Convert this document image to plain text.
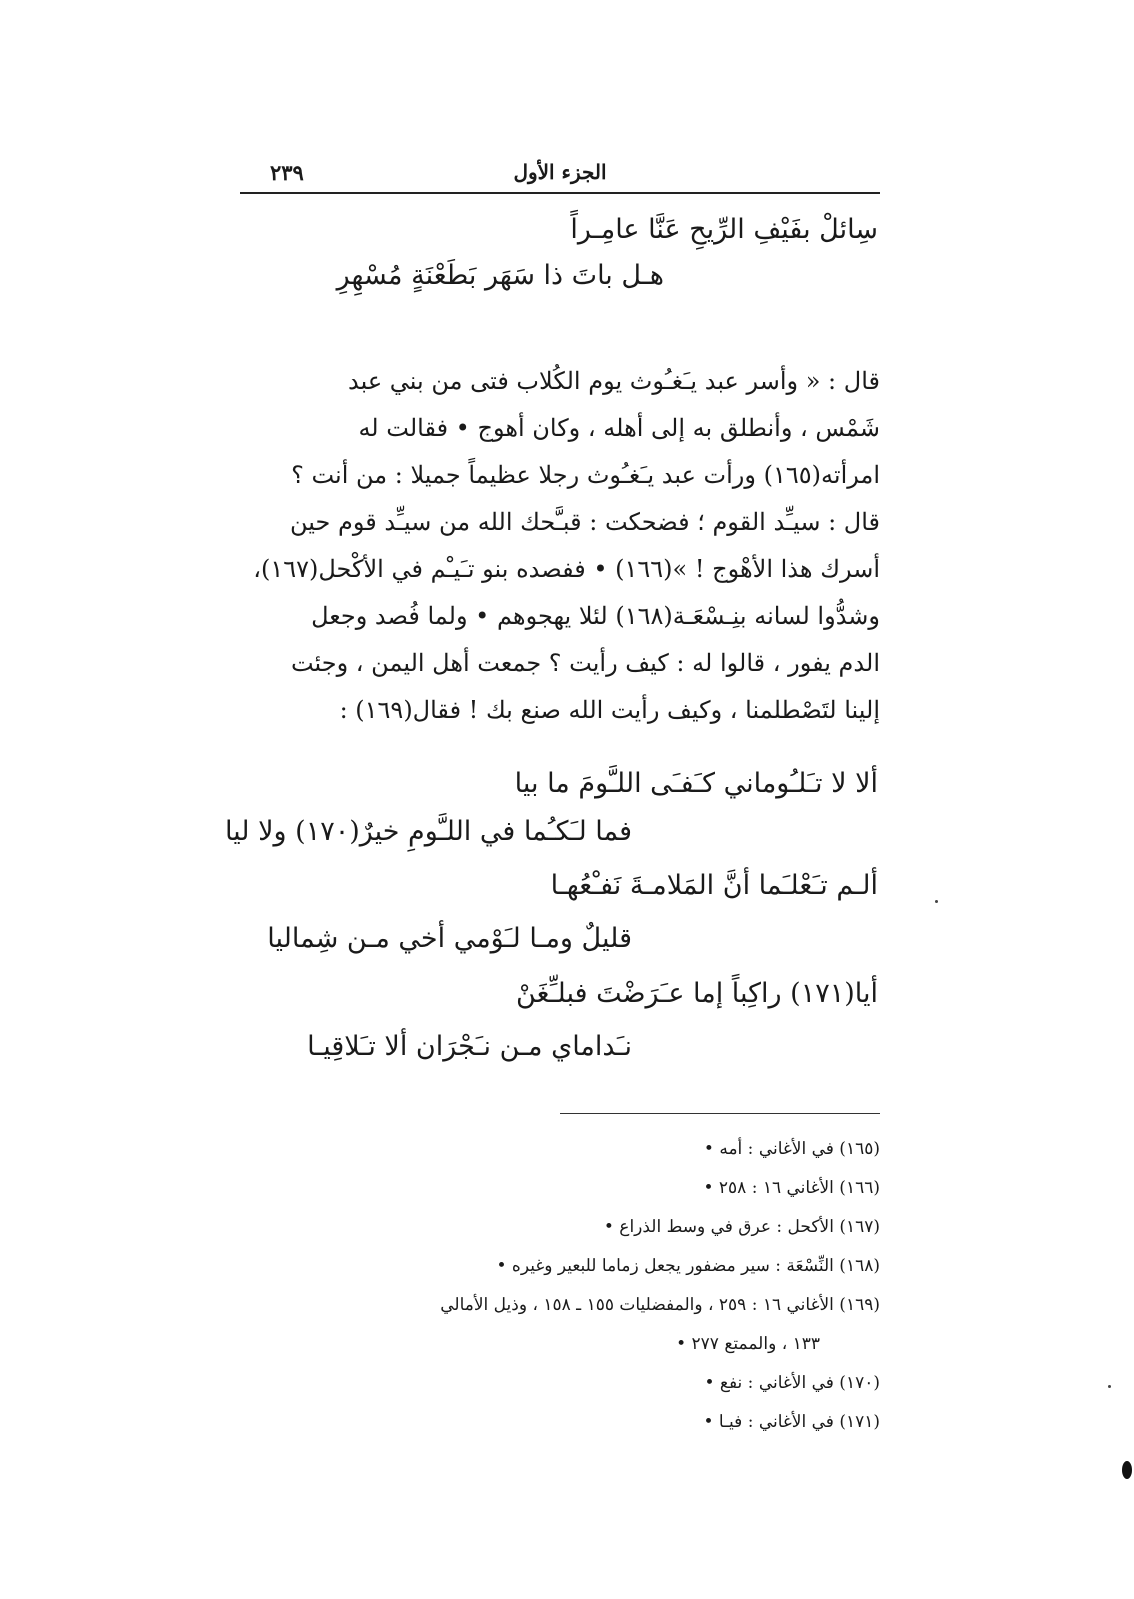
الجزء الأول
٢٣٩
سِائلْ بفَيْفِ الرِّيحِ عَنَّا عامِـراً
هـل باتَ ذا سَهَر بَطَعْنَةٍ مُسْهِرِ

قال : « وأسر عبد يـَغـُوث يوم الكُلاب فتى من بني عبد

شَمْس ، وأنطلق به إلى أهله ، وكان أهوج • فقالت له

امرأته(١٦٥) ورأت عبد يـَغـُوث رجلا عظيماً جميلا : من أنت ؟

قال : سيـِّد القوم ؛ فضحكت : قبـَّحك الله من سيـِّد قوم حين

أسرك هذا الأهْوج ! »(١٦٦) • ففصده بنو تـَيـْم في الأكْحل(١٦٧)،

وشدُّوا لسانه بنِـسْعَـة(١٦٨) لئلا يهجوهم • ولما فُصد وجعل

الدم يفور ، قالوا له : كيف رأيت ؟ جمعت أهل اليمن ، وجئت

إلينا لتَصْطلمنا ، وكيف رأيت الله صنع بك ! فقال(١٦٩) :

ألا لا تـَلـُوماني كـَفـَى اللـَّومَ ما بيا
فما لـَكـُما في اللـَّومِ خيرٌ(١٧٠) ولا ليا
ألـم تـَعْلـَما أنَّ المَلامـةَ نَفـْعُهـا
قليلٌ ومـا لـَوْمي أخي مـن شِماليا
أيا(١٧١) راكِباً إما عـَرَضْتَ فبلـِّغَنْ
نـَداماي مـن نـَجْرَان ألا تـَلاقِيـا
(١٦٥) في الأغاني : أمه •
(١٦٦) الأغاني ١٦ : ٢٥٨ •
(١٦٧) الأكحل : عرق في وسط الذراع •
(١٦٨) النِّسْعَة : سير مضفور يجعل زماما للبعير وغيره •
(١٦٩) الأغاني ١٦ : ٢٥٩ ، والمفضليات ١٥٥ ـ ١٥٨ ، وذيل الأمالي
١٣٣ ، والممتع ٢٧٧ •
(١٧٠) في الأغاني : نفع •
(١٧١) في الأغاني : فيـا •
